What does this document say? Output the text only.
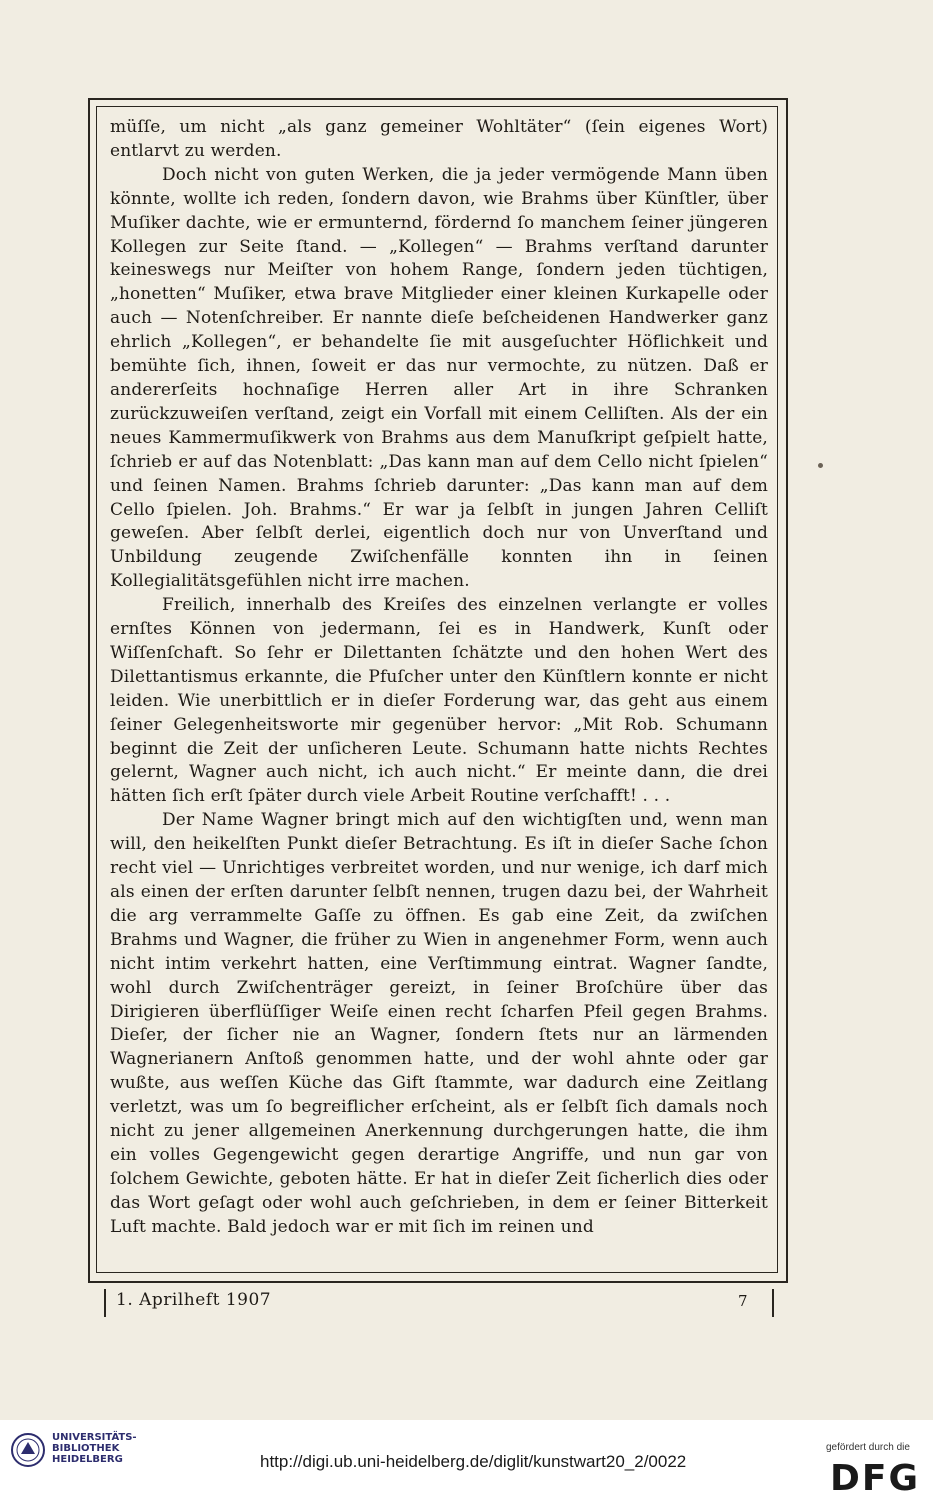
müſſe, um nicht „als ganz gemeiner Wohltäter“ (ſein eigenes Wort) entlarvt zu werden.

Doch nicht von guten Werken, die ja jeder vermögende Mann üben könnte, wollte ich reden, ſondern davon, wie Brahms über Künſtler, über Muſiker dachte, wie er ermunternd, fördernd ſo manchem ſeiner jüngeren Kollegen zur Seite ſtand. — „Kollegen“ — Brahms verſtand darunter keineswegs nur Meiſter von hohem Range, ſondern jeden tüchtigen, „honetten“ Muſiker, etwa brave Mitglieder einer kleinen Kurkapelle oder auch — Notenſchreiber. Er nannte dieſe beſcheidenen Handwerker ganz ehrlich „Kollegen“, er behandelte ſie mit ausgeſuchter Höflichkeit und bemühte ſich, ihnen, ſoweit er das nur vermochte, zu nützen. Daß er andererſeits hochnaſige Herren aller Art in ihre Schranken zurückzuweiſen verſtand, zeigt ein Vorfall mit einem Celliſten. Als der ein neues Kammermuſikwerk von Brahms aus dem Manuſkript geſpielt hatte, ſchrieb er auf das Notenblatt: „Das kann man auf dem Cello nicht ſpielen“ und ſeinen Namen. Brahms ſchrieb darunter: „Das kann man auf dem Cello ſpielen. Joh. Brahms.“ Er war ja ſelbſt in jungen Jahren Celliſt geweſen. Aber ſelbſt derlei, eigentlich doch nur von Unverſtand und Unbildung zeugende Zwiſchenfälle konnten ihn in ſeinen Kollegialitätsgefühlen nicht irre machen.

Freilich, innerhalb des Kreiſes des einzelnen verlangte er volles ernſtes Können von jedermann, ſei es in Handwerk, Kunſt oder Wiſſenſchaft. So ſehr er Dilettanten ſchätzte und den hohen Wert des Dilettantismus erkannte, die Pfuſcher unter den Künſtlern konnte er nicht leiden. Wie unerbittlich er in dieſer Forderung war, das geht aus einem ſeiner Gelegenheitsworte mir gegenüber hervor: „Mit Rob. Schumann beginnt die Zeit der unſicheren Leute. Schumann hatte nichts Rechtes gelernt, Wagner auch nicht, ich auch nicht.“ Er meinte dann, die drei hätten ſich erſt ſpäter durch viele Arbeit Routine verſchafft! . . .

Der Name Wagner bringt mich auf den wichtigſten und, wenn man will, den heikelſten Punkt dieſer Betrachtung. Es iſt in dieſer Sache ſchon recht viel — Unrichtiges verbreitet worden, und nur wenige, ich darf mich als einen der erſten darunter ſelbſt nennen, trugen dazu bei, der Wahrheit die arg verrammelte Gaſſe zu öffnen. Es gab eine Zeit, da zwiſchen Brahms und Wagner, die früher zu Wien in angenehmer Form, wenn auch nicht intim verkehrt hatten, eine Verſtimmung eintrat. Wagner ſandte, wohl durch Zwiſchenträger gereizt, in ſeiner Broſchüre über das Dirigieren überflüſſiger Weiſe einen recht ſcharfen Pfeil gegen Brahms. Dieſer, der ſicher nie an Wagner, ſondern ſtets nur an lärmenden Wagnerianern Anſtoß genommen hatte, und der wohl ahnte oder gar wußte, aus weſſen Küche das Gift ſtammte, war dadurch eine Zeitlang verletzt, was um ſo begreiflicher erſcheint, als er ſelbſt ſich damals noch nicht zu jener allgemeinen Anerkennung durchgerungen hatte, die ihm ein volles Gegengewicht gegen derartige Angriffe, und nun gar von ſolchem Gewichte, geboten hätte. Er hat in dieſer Zeit ſicherlich dies oder das Wort geſagt oder wohl auch geſchrieben, in dem er ſeiner Bitterkeit Luft machte. Bald jedoch war er mit ſich im reinen und

1. Aprilheft 1907	7
UNIVERSITÄTS-
BIBLIOTHEK
HEIDELBERG	http://digi.ub.uni-heidelberg.de/diglit/kunstwart20_2/0022
gefördert durch die
DFG
